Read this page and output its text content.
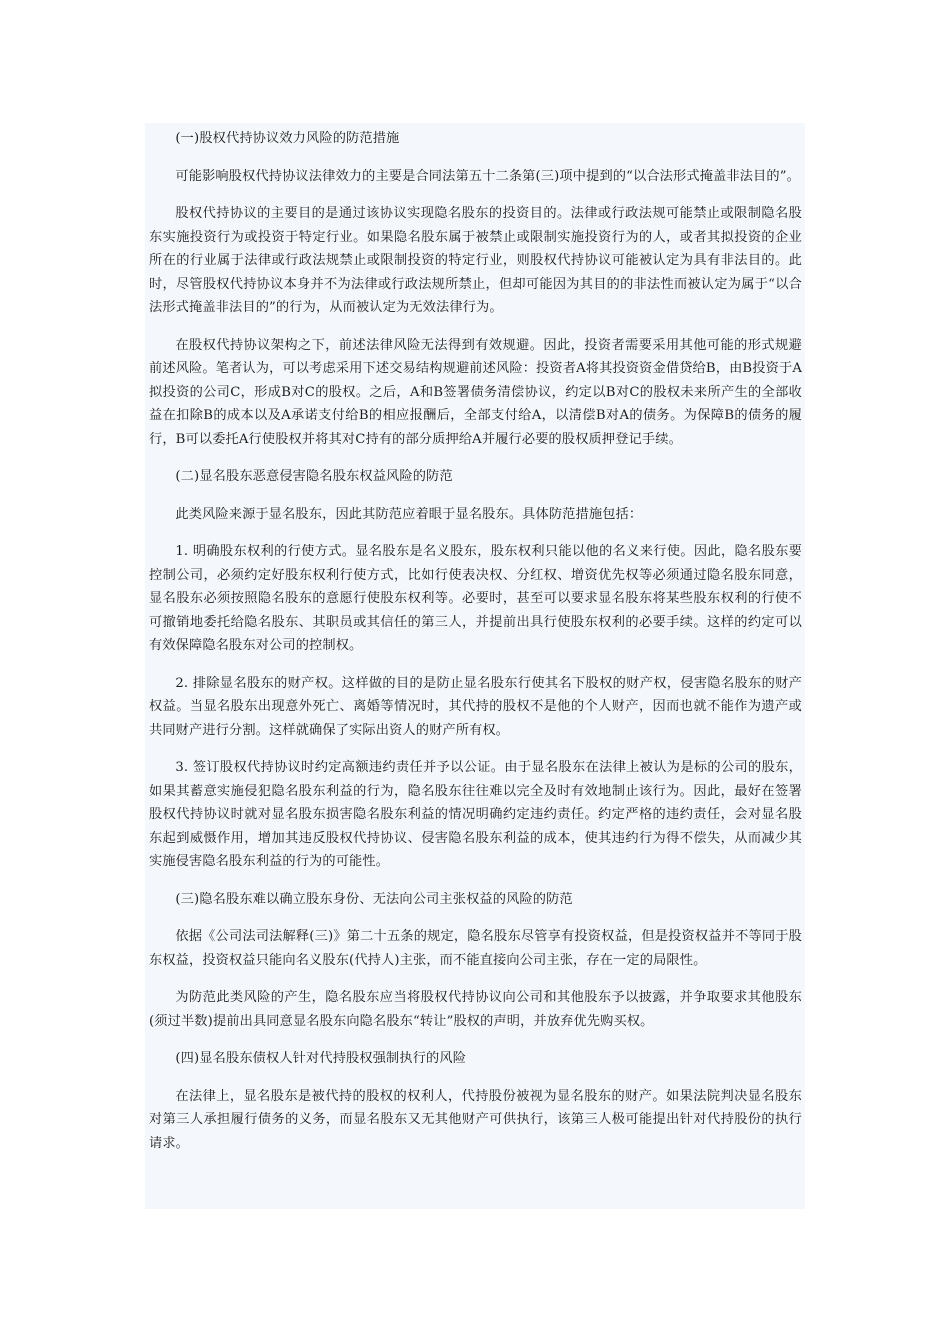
(一)股权代持协议效力风险的防范措施

可能影响股权代持协议法律效力的主要是合同法第五十二条第(三)项中提到的“以合法形式掩盖非法目的”。

股权代持协议的主要目的是通过该协议实现隐名股东的投资目的。法律或行政法规可能禁止或限制隐名股东实施投资行为或投资于特定行业。如果隐名股东属于被禁止或限制实施投资行为的人，或者其拟投资的企业所在的行业属于法律或行政法规禁止或限制投资的特定行业，则股权代持协议可能被认定为具有非法目的。此时，尽管股权代持协议本身并不为法律或行政法规所禁止，但却可能因为其目的的非法性而被认定为属于“以合法形式掩盖非法目的”的行为，从而被认定为无效法律行为。

在股权代持协议架构之下，前述法律风险无法得到有效规避。因此，投资者需要采用其他可能的形式规避前述风险。笔者认为，可以考虑采用下述交易结构规避前述风险：投资者A将其投资资金借贷给B，由B投资于A拟投资的公司C，形成B对C的股权。之后，A和B签署债务清偿协议，约定以B对C的股权未来所产生的全部收益在扣除B的成本以及A承诺支付给B的相应报酬后，全部支付给A，以清偿B对A的债务。为保障B的债务的履行，B可以委托A行使股权并将其对C持有的部分质押给A并履行必要的股权质押登记手续。

(二)显名股东恶意侵害隐名股东权益风险的防范

此类风险来源于显名股东，因此其防范应着眼于显名股东。具体防范措施包括：

1. 明确股东权利的行使方式。显名股东是名义股东，股东权利只能以他的名义来行使。因此，隐名股东要控制公司，必须约定好股东权利行使方式，比如行使表决权、分红权、增资优先权等必须通过隐名股东同意，显名股东必须按照隐名股东的意愿行使股东权利等。必要时，甚至可以要求显名股东将某些股东权利的行使不可撤销地委托给隐名股东、其职员或其信任的第三人，并提前出具行使股东权利的必要手续。这样的约定可以有效保障隐名股东对公司的控制权。

2. 排除显名股东的财产权。这样做的目的是防止显名股东行使其名下股权的财产权，侵害隐名股东的财产权益。当显名股东出现意外死亡、离婚等情况时，其代持的股权不是他的个人财产，因而也就不能作为遗产或共同财产进行分割。这样就确保了实际出资人的财产所有权。

3. 签订股权代持协议时约定高额违约责任并予以公证。由于显名股东在法律上被认为是标的公司的股东，如果其蓄意实施侵犯隐名股东利益的行为，隐名股东往往难以完全及时有效地制止该行为。因此，最好在签署股权代持协议时就对显名股东损害隐名股东利益的情况明确约定违约责任。约定严格的违约责任，会对显名股东起到威慑作用，增加其违反股权代持协议、侵害隐名股东利益的成本，使其违约行为得不偿失，从而减少其实施侵害隐名股东利益的行为的可能性。

(三)隐名股东难以确立股东身份、无法向公司主张权益的风险的防范

依据《公司法司法解释(三)》第二十五条的规定，隐名股东尽管享有投资权益，但是投资权益并不等同于股东权益，投资权益只能向名义股东(代持人)主张，而不能直接向公司主张，存在一定的局限性。

为防范此类风险的产生，隐名股东应当将股权代持协议向公司和其他股东予以披露，并争取要求其他股东(须过半数)提前出具同意显名股东向隐名股东“转让”股权的声明，并放弃优先购买权。

(四)显名股东债权人针对代持股权强制执行的风险

在法律上，显名股东是被代持的股权的权利人，代持股份被视为显名股东的财产。如果法院判决显名股东对第三人承担履行债务的义务，而显名股东又无其他财产可供执行，该第三人极可能提出针对代持股份的执行请求。
